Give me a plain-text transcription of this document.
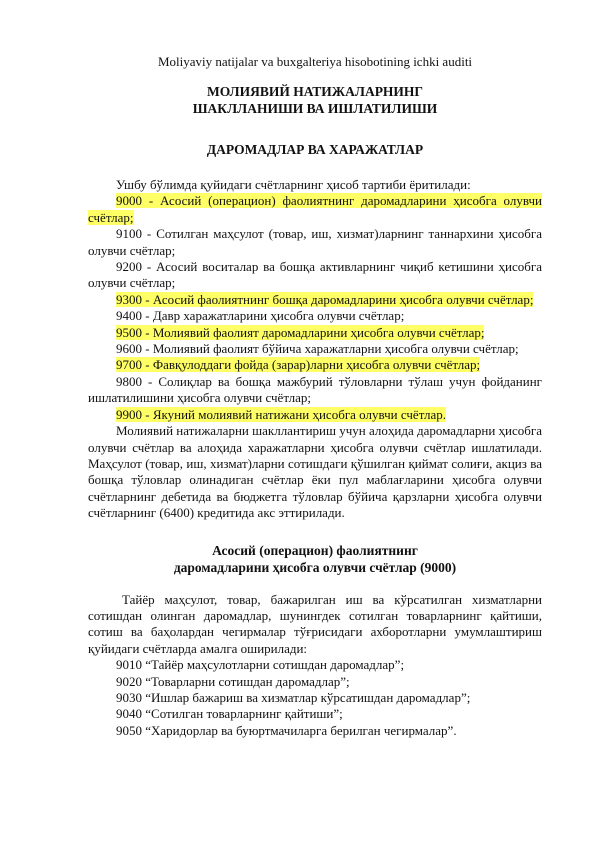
Moliyaviy natijalar va buxgalteriya hisobotining ichki auditi
МОЛИЯВИЙ НАТИЖАЛАРНИНГ
ШАКЛЛАНИШИ ВА ИШЛАТИЛИШИ
ДАРОМАДЛАР ВА ХАРАЖАТЛАР

Ушбу бўлимда қуйидаги счётларнинг ҳисоб тартиби ёритилади:

9000 - Асосий (операцион) фаолиятнинг даромадларини ҳисобга олувчи счётлар;

9100 - Сотилган маҳсулот (товар, иш, хизмат)ларнинг таннархини ҳисобга олувчи счётлар;

9200 - Асосий воситалар ва бошқа активларнинг чиқиб кетишини ҳисобга олувчи счётлар;

9300 - Асосий фаолиятнинг бошқа даромадларини ҳисобга олувчи счётлар;

9400 - Давр харажатларини ҳисобга олувчи счётлар;

9500 - Молиявий фаолият даромадларини ҳисобга олувчи счётлар;

9600 - Молиявий фаолият бўйича харажатларни ҳисобга олувчи счётлар;

9700 - Фавқулоддаги фойда (зарар)ларни ҳисобга олувчи счётлар;

9800 - Солиқлар ва бошқа мажбурий тўловларни тўлаш учун фойданинг ишлатилишини ҳисобга олувчи счётлар;

9900 - Якуний молиявий натижани ҳисобга олувчи счётлар.

Молиявий натижаларни шакллантириш учун алоҳида даромадларни ҳисобга олувчи счётлар ва алоҳида харажатларни ҳисобга олувчи счётлар ишлатилади. Маҳсулот (товар, иш, хизмат)ларни сотишдаги қўшилган қиймат солиғи, акциз ва бошқа тўловлар олинадиган счётлар ёки пул маблағларини ҳисобга олувчи счётларнинг дебетида ва бюджетга тўловлар бўйича қарзларни ҳисобга олувчи счётларнинг (6400) кредитида акс эттирилади.

Асосий (операцион) фаолиятнинг
даромадларини ҳисобга олувчи счётлар (9000)

Тайёр маҳсулот, товар, бажарилган иш ва кўрсатилган хизматларни сотишдан олинган даромадлар, шунингдек сотилган товарларнинг қайтиши, сотиш ва баҳолардан чегирмалар тўғрисидаги ахборотларни умумлаштириш қуйидаги счётларда амалга оширилади:

9010 “Тайёр маҳсулотларни сотишдан даромадлар”;

9020 “Товарларни сотишдан даромадлар”;

9030 “Ишлар бажариш ва хизматлар кўрсатишдан даромадлар”;

9040 “Сотилган товарларнинг қайтиши”;

9050 “Харидорлар ва буюртмачиларга берилган чегирмалар”.
